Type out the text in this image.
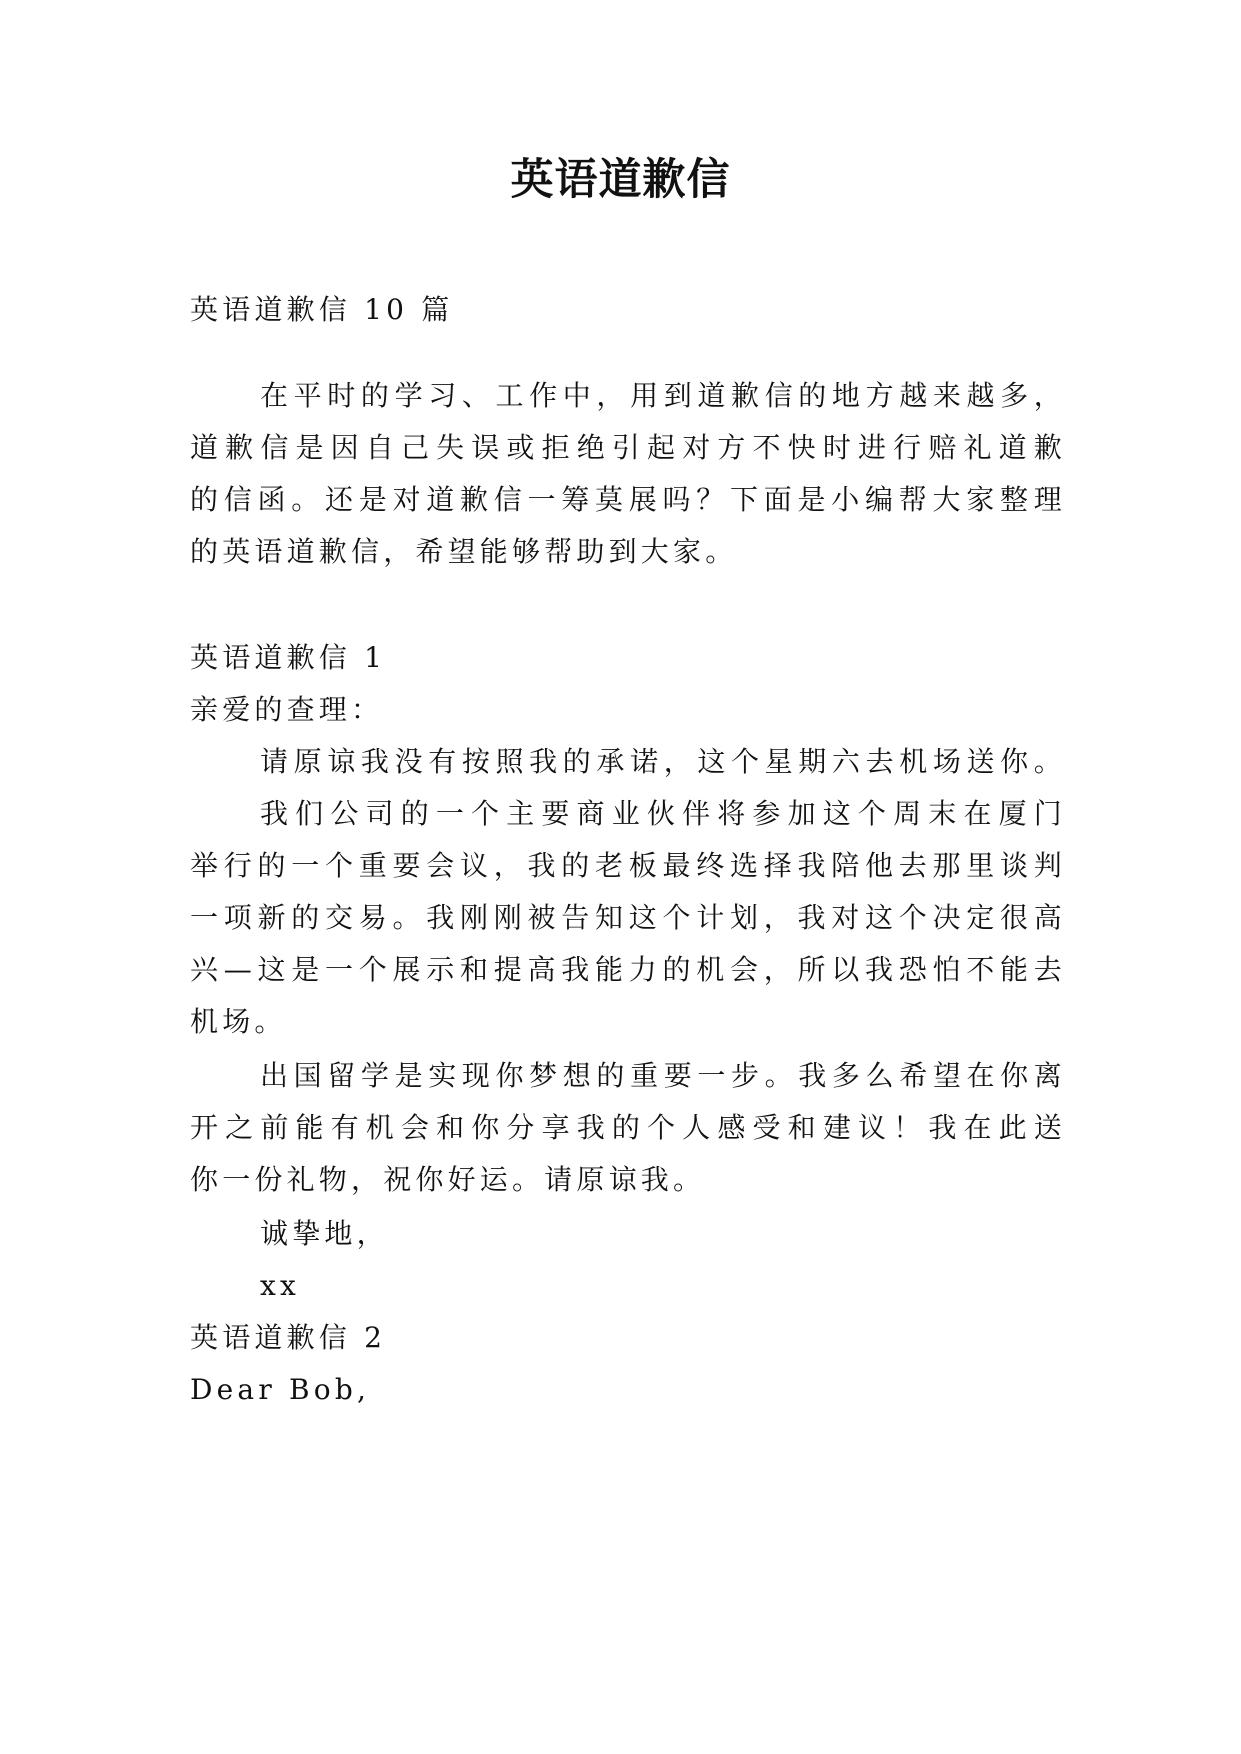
英语道歉信
英语道歉信 10 篇
在平时的学习、工作中，用到道歉信的地方越来越多，
道歉信是因自己失误或拒绝引起对方不快时进行赔礼道歉
的信函。还是对道歉信一筹莫展吗？下面是小编帮大家整理
的英语道歉信，希望能够帮助到大家。
英语道歉信 1
亲爱的查理：
请原谅我没有按照我的承诺，这个星期六去机场送你。
我们公司的一个主要商业伙伴将参加这个周末在厦门
举行的一个重要会议，我的老板最终选择我陪他去那里谈判
一项新的交易。我刚刚被告知这个计划，我对这个决定很高
兴—这是一个展示和提高我能力的机会，所以我恐怕不能去
机场。
出国留学是实现你梦想的重要一步。我多么希望在你离
开之前能有机会和你分享我的个人感受和建议！我在此送
你一份礼物，祝你好运。请原谅我。
诚挚地，
xx
英语道歉信 2
Dear Bob,
